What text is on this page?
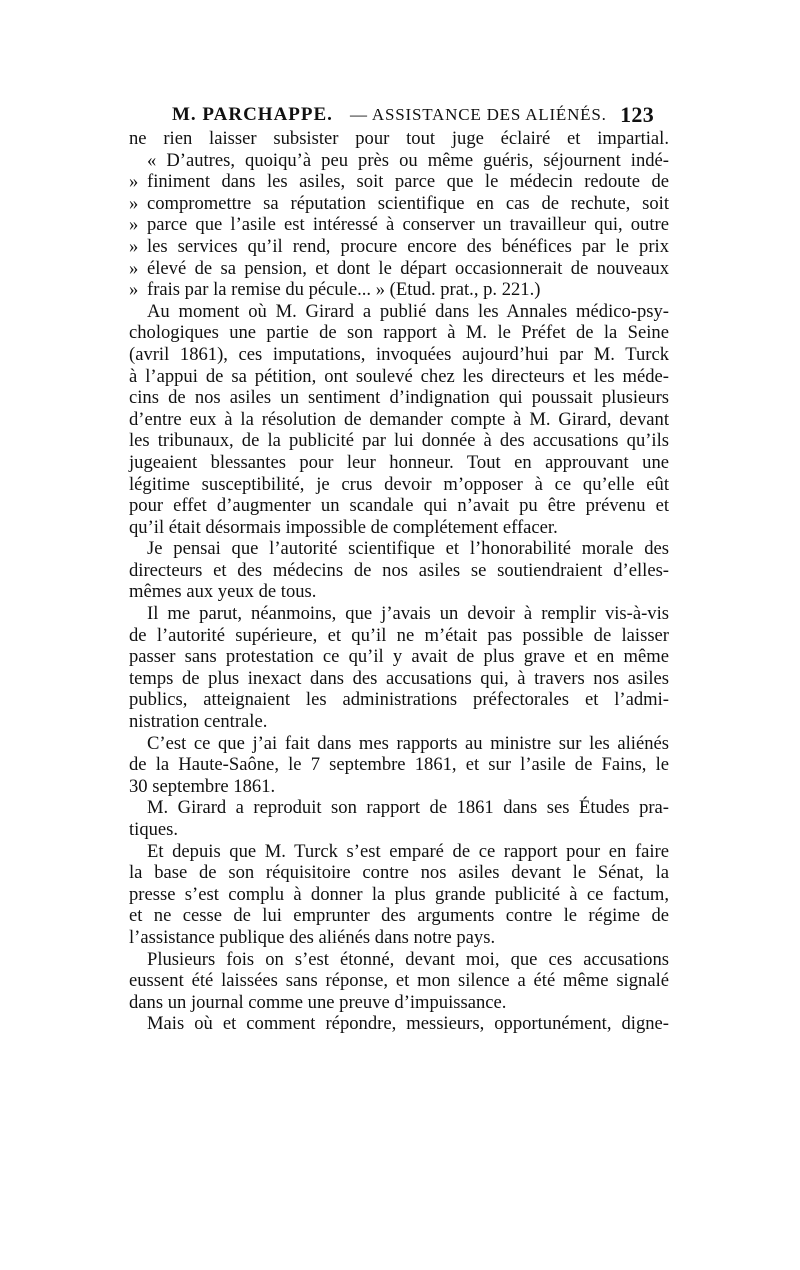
M. PARCHAPPE. — ASSISTANCE DES ALIÉNÉS. 123
ne rien laisser subsister pour tout juge éclairé et impartial.
« D’autres, quoiqu’à peu près ou même guéris, séjournent indé-
» finiment dans les asiles, soit parce que le médecin redoute de
» compromettre sa réputation scientifique en cas de rechute, soit
» parce que l’asile est intéressé à conserver un travailleur qui, outre
» les services qu’il rend, procure encore des bénéfices par le prix
» élevé de sa pension, et dont le départ occasionnerait de nouveaux
» frais par la remise du pécule... » (Etud. prat., p. 221.)
Au moment où M. Girard a publié dans les Annales médico-psy-
chologiques une partie de son rapport à M. le Préfet de la Seine
(avril 1861), ces imputations, invoquées aujourd’hui par M. Turck
à l’appui de sa pétition, ont soulevé chez les directeurs et les méde-
cins de nos asiles un sentiment d’indignation qui poussait plusieurs
d’entre eux à la résolution de demander compte à M. Girard, devant
les tribunaux, de la publicité par lui donnée à des accusations qu’ils
jugeaient blessantes pour leur honneur. Tout en approuvant une
légitime susceptibilité, je crus devoir m’opposer à ce qu’elle eût
pour effet d’augmenter un scandale qui n’avait pu être prévenu et
qu’il était désormais impossible de complétement effacer.
Je pensai que l’autorité scientifique et l’honorabilité morale des
directeurs et des médecins de nos asiles se soutiendraient d’elles-
mêmes aux yeux de tous.
Il me parut, néanmoins, que j’avais un devoir à remplir vis-à-vis
de l’autorité supérieure, et qu’il ne m’était pas possible de laisser
passer sans protestation ce qu’il y avait de plus grave et en même
temps de plus inexact dans des accusations qui, à travers nos asiles
publics, atteignaient les administrations préfectorales et l’admi-
nistration centrale.
C’est ce que j’ai fait dans mes rapports au ministre sur les aliénés
de la Haute-Saône, le 7 septembre 1861, et sur l’asile de Fains, le
30 septembre 1861.
M. Girard a reproduit son rapport de 1861 dans ses Études pra-
tiques.
Et depuis que M. Turck s’est emparé de ce rapport pour en faire
la base de son réquisitoire contre nos asiles devant le Sénat, la
presse s’est complu à donner la plus grande publicité à ce factum,
et ne cesse de lui emprunter des arguments contre le régime de
l’assistance publique des aliénés dans notre pays.
Plusieurs fois on s’est étonné, devant moi, que ces accusations
eussent été laissées sans réponse, et mon silence a été même signalé
dans un journal comme une preuve d’impuissance.
Mais où et comment répondre, messieurs, opportunément, digne-
